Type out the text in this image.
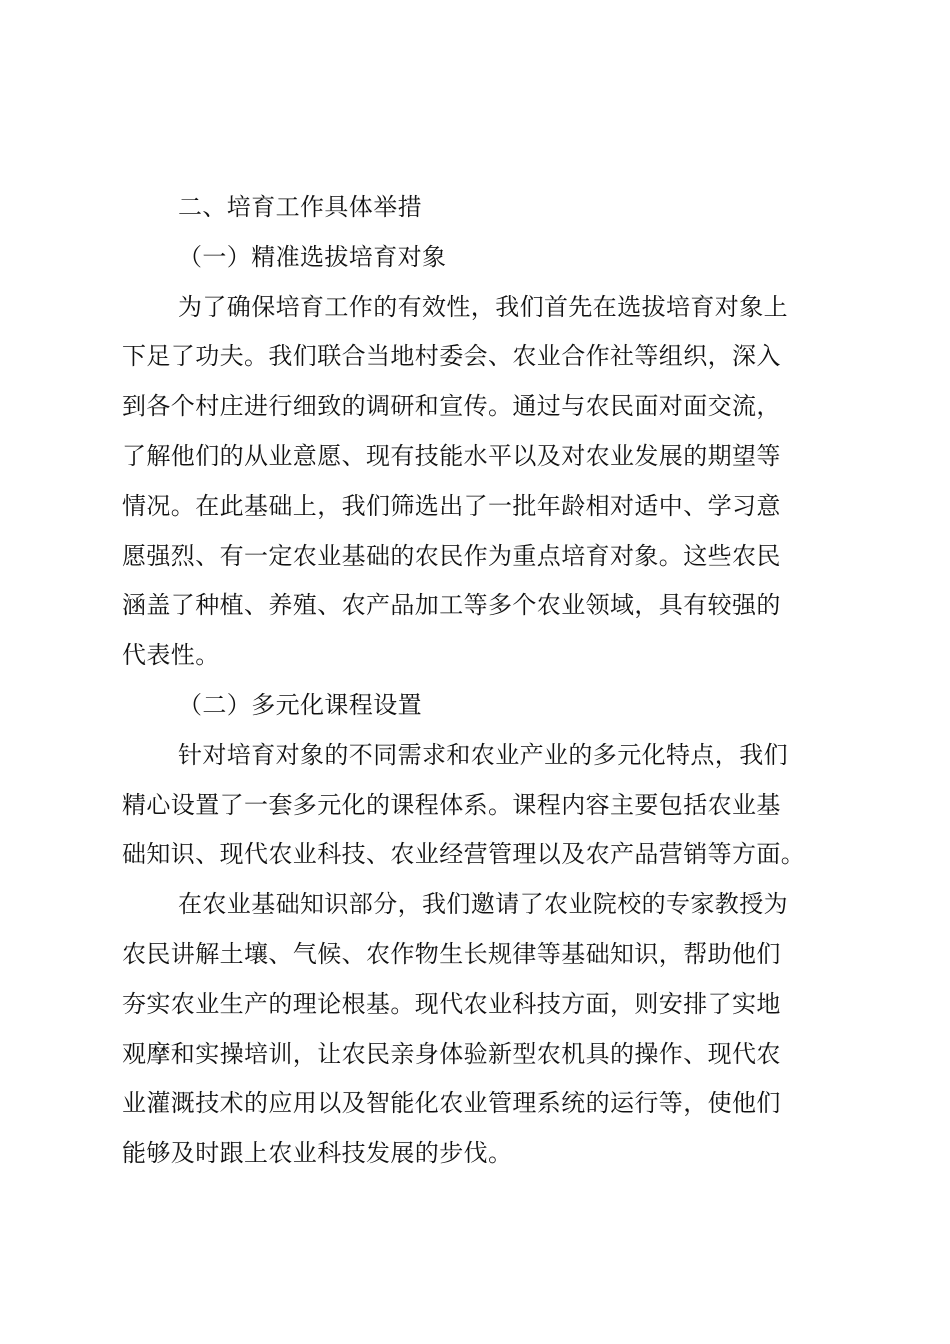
二、培育工作具体举措

（一）精准选拔培育对象

为了确保培育工作的有效性，我们首先在选拔培育对象上
下足了功夫。我们联合当地村委会、农业合作社等组织，深入
到各个村庄进行细致的调研和宣传。通过与农民面对面交流，
了解他们的从业意愿、现有技能水平以及对农业发展的期望等
情况。在此基础上，我们筛选出了一批年龄相对适中、学习意
愿强烈、有一定农业基础的农民作为重点培育对象。这些农民
涵盖了种植、养殖、农产品加工等多个农业领域，具有较强的
代表性。

（二）多元化课程设置

针对培育对象的不同需求和农业产业的多元化特点，我们
精心设置了一套多元化的课程体系。课程内容主要包括农业基
础知识、现代农业科技、农业经营管理以及农产品营销等方面。

在农业基础知识部分，我们邀请了农业院校的专家教授为
农民讲解土壤、气候、农作物生长规律等基础知识，帮助他们
夯实农业生产的理论根基。现代农业科技方面，则安排了实地
观摩和实操培训，让农民亲身体验新型农机具的操作、现代农
业灌溉技术的应用以及智能化农业管理系统的运行等，使他们
能够及时跟上农业科技发展的步伐。
